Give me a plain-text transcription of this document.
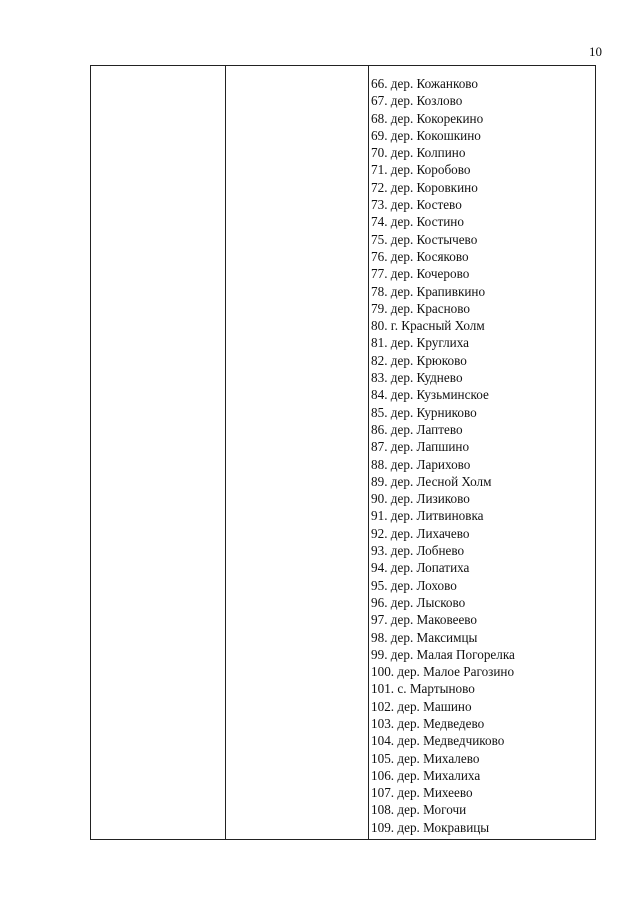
10
66. дер. Кожанково
67. дер. Козлово
68. дер. Кокорекино
69. дер. Кокошкино
70. дер. Колпино
71. дер. Коробово
72. дер. Коровкино
73. дер. Костево
74. дер. Костино
75. дер. Костычево
76. дер. Косяково
77. дер. Кочерово
78. дер. Крапивкино
79. дер. Красново
80. г. Красный Холм
81. дер. Круглиха
82. дер. Крюково
83. дер. Кудневo
84. дер. Кузьминское
85. дер. Курниково
86. дер. Лаптево
87. дер. Лапшино
88. дер. Ларихово
89. дер. Лесной Холм
90. дер. Лизиково
91. дер. Литвиновка
92. дер. Лихачево
93. дер. Лобнево
94. дер. Лопатиха
95. дер. Лохово
96. дер. Лысково
97. дер. Маковеево
98. дер. Максимцы
99. дер. Малая Погорелка
100. дер. Малое Рагозино
101. с. Мартыново
102. дер. Машино
103. дер. Медведево
104. дер. Медведчиково
105. дер. Михалево
106. дер. Михалиха
107. дер. Михеево
108. дер. Могочи
109. дер. Мокравицы
